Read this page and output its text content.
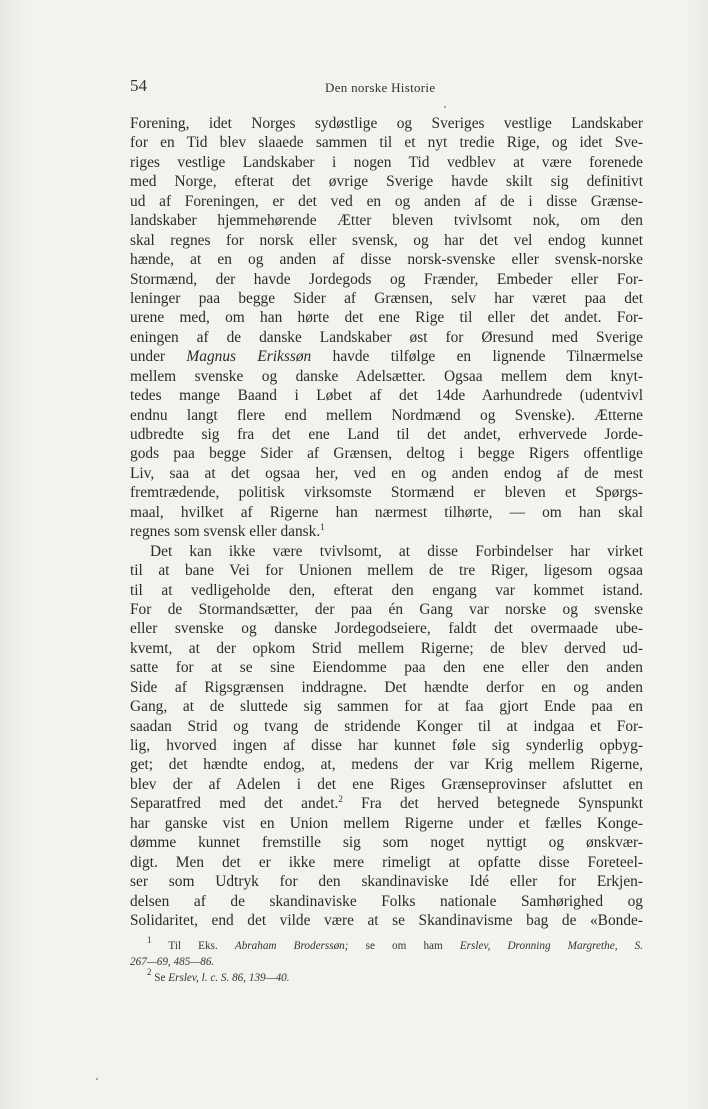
54	Den norske Historie
Forening, idet Norges sydøstlige og Sveriges vestlige Landskaber
for en Tid blev slaaede sammen til et nyt tredie Rige, og idet Sve-
riges vestlige Landskaber i nogen Tid vedblev at være forenede
med Norge, efterat det øvrige Sverige havde skilt sig definitivt
ud af Foreningen, er det ved en og anden af de i disse Grænse-
landskaber hjemmehørende Ætter bleven tvivlsomt nok, om den
skal regnes for norsk eller svensk, og har det vel endog kunnet
hænde, at en og anden af disse norsk-svenske eller svensk-norske
Stormænd, der havde Jordegods og Frænder, Embeder eller For-
leninger paa begge Sider af Grænsen, selv har været paa det
urene med, om han hørte det ene Rige til eller det andet. For-
eningen af de danske Landskaber øst for Øresund med Sverige
under Magnus Erikssøn havde tilfølge en lignende Tilnærmelse
mellem svenske og danske Adelsætter. Ogsaa mellem dem knyt-
tedes mange Baand i Løbet af det 14de Aarhundrede (udentvivl
endnu langt flere end mellem Nordmænd og Svenske). Ætterne
udbredte sig fra det ene Land til det andet, erhvervede Jorde-
gods paa begge Sider af Grænsen, deltog i begge Rigers offentlige
Liv, saa at det ogsaa her, ved en og anden endog af de mest
fremtrædende, politisk virksomste Stormænd er bleven et Spørgs-
maal, hvilket af Rigerne han nærmest tilhørte, — om han skal
regnes som svensk eller dansk.$^1$
Det kan ikke være tvivlsomt, at disse Forbindelser har virket
til at bane Vei for Unionen mellem de tre Riger, ligesom ogsaa
til at vedligeholde den, efterat den engang var kommet istand.
For de Stormandsætter, der paa én Gang var norske og svenske
eller svenske og danske Jordegodseiere, faldt det overmaade ube-
kvemt, at der opkom Strid mellem Rigerne; de blev derved ud-
satte for at se sine Eiendomme paa den ene eller den anden
Side af Rigsgrænsen inddragne. Det hændte derfor en og anden
Gang, at de sluttede sig sammen for at faa gjort Ende paa en
saadan Strid og tvang de stridende Konger til at indgaa et For-
lig, hvorved ingen af disse har kunnet føle sig synderlig opbyg-
get; det hændte endog, at, medens der var Krig mellem Rigerne,
blev der af Adelen i det ene Riges Grænseprovinser afsluttet en
Separatfred med det andet.$^2$ Fra det herved betegnede Synspunkt
har ganske vist en Union mellem Rigerne under et fælles Konge-
dømme kunnet fremstille sig som noget nyttigt og ønskvær-
digt. Men det er ikke mere rimeligt at opfatte disse Foreteel-
ser som Udtryk for den skandinaviske Idé eller for Erkjen-
delsen af de skandinaviske Folks nationale Samhørighed og
Solidaritet, end det vilde være at se Skandinavisme bag de «Bonde-
$^1$ Til Eks. Abraham Broderssøn; se om ham Erslev, Dronning Margrethe, S.
267—69, 485—86.
$^2$ Se Erslev, l. c. S. 86, 139—40.
